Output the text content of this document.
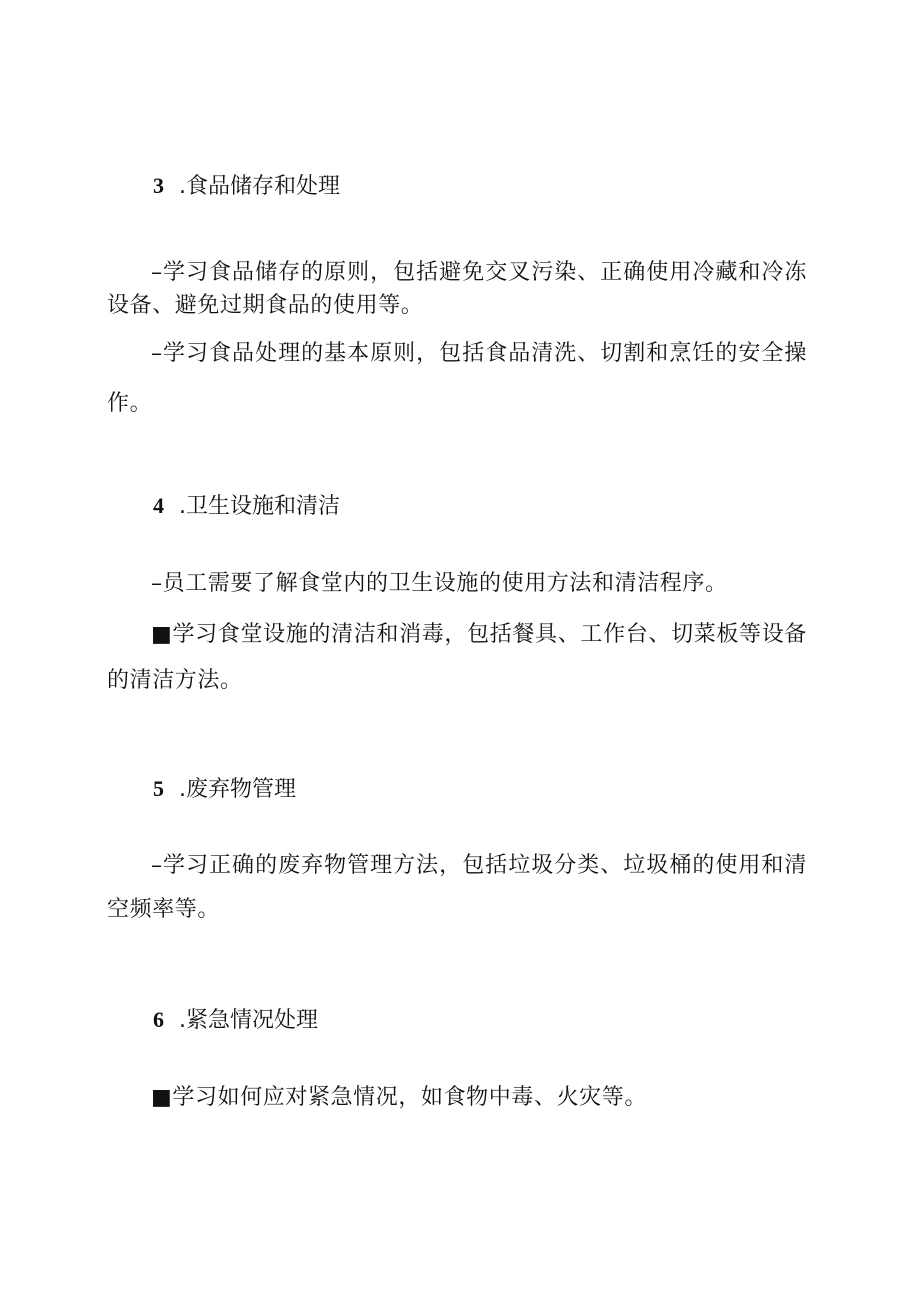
3 .食品储存和处理
–学习食品储存的原则，包括避免交叉污染、正确使用冷藏和冷冻设备、避免过期食品的使用等。
–学习食品处理的基本原则，包括食品清洗、切割和烹饪的安全操作。
4 .卫生设施和清洁
–员工需要了解食堂内的卫生设施的使用方法和清洁程序。
■学习食堂设施的清洁和消毒，包括餐具、工作台、切菜板等设备的清洁方法。
5 .废弃物管理
–学习正确的废弃物管理方法，包括垃圾分类、垃圾桶的使用和清空频率等。
6 .紧急情况处理
■学习如何应对紧急情况，如食物中毒、火灾等。
